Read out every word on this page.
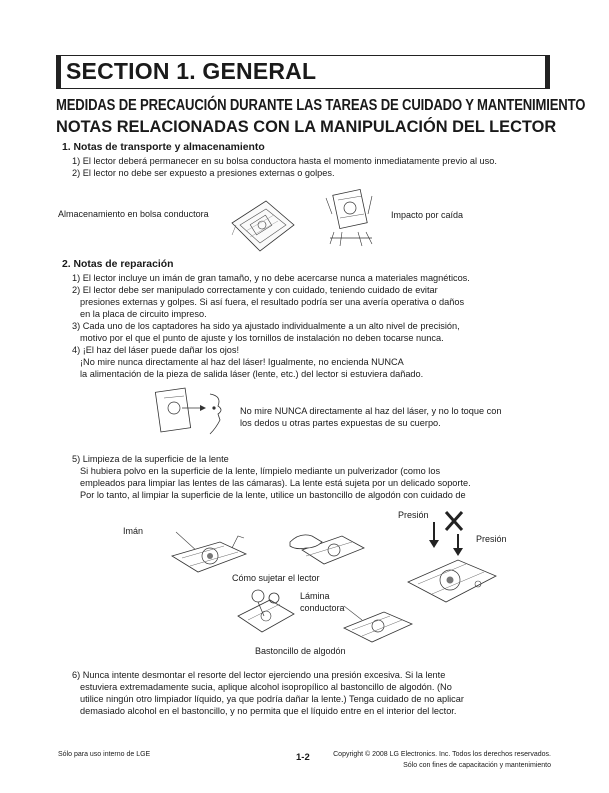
SECTION 1. GENERAL
MEDIDAS DE PRECAUCIÓN DURANTE LAS TAREAS DE CUIDADO Y MANTENIMIENTO
NOTAS RELACIONADAS CON LA MANIPULACIÓN DEL LECTOR
1. Notas de transporte y almacenamiento
1) El lector deberá permanecer en su bolsa conductora hasta el momento inmediatamente previo al uso.
2) El lector no debe ser expuesto a presiones externas o golpes.
Almacenamiento en bolsa conductora	Impacto por caída
2. Notas de reparación
1) El lector incluye un imán de gran tamaño, y no debe acercarse nunca a materiales magnéticos.
2) El lector debe ser manipulado correctamente y con cuidado, teniendo cuidado de evitar
presiones externas y golpes. Si así fuera, el resultado podría ser una avería operativa o daños
en la placa de circuito impreso.
3) Cada uno de los captadores ha sido ya ajustado individualmente a un alto nivel de precisión,
motivo por el que el punto de ajuste y los tornillos de instalación no deben tocarse nunca.
4) ¡El haz del láser puede dañar los ojos!
¡No mire nunca directamente al haz del láser! Igualmente, no encienda NUNCA
la alimentación de la pieza de salida láser (lente, etc.) del lector si estuviera dañado.
No mire NUNCA directamente al haz del láser, y no lo toque con
los dedos u otras partes expuestas de su cuerpo.
5) Limpieza de la superficie de la lente
Si hubiera polvo en la superficie de la lente, límpielo mediante un pulverizador (como los
empleados para limpiar las lentes de las cámaras). La lente está sujeta por un delicado soporte.
Por lo tanto, al limpiar la superficie de la lente, utilice un bastoncillo de algodón con cuidado de
Imán
Presión
Presión
Cómo sujetar el lector
Lámina
conductora
Bastoncillo de algodón
6) Nunca intente desmontar el resorte del lector ejerciendo una presión excesiva. Si la lente
estuviera extremadamente sucia, aplique alcohol isopropílico al bastoncillo de algodón. (No
utilice ningún otro limpiador líquido, ya que podría dañar la lente.) Tenga cuidado de no aplicar
demasiado alcohol en el bastoncillo, y no permita que el líquido entre en el interior del lector.
Sólo para uso interno de LGE	1-2	Copyright © 2008 LG Electronics. Inc. Todos los derechos reservados.
Sólo con fines de capacitación y mantenimiento
